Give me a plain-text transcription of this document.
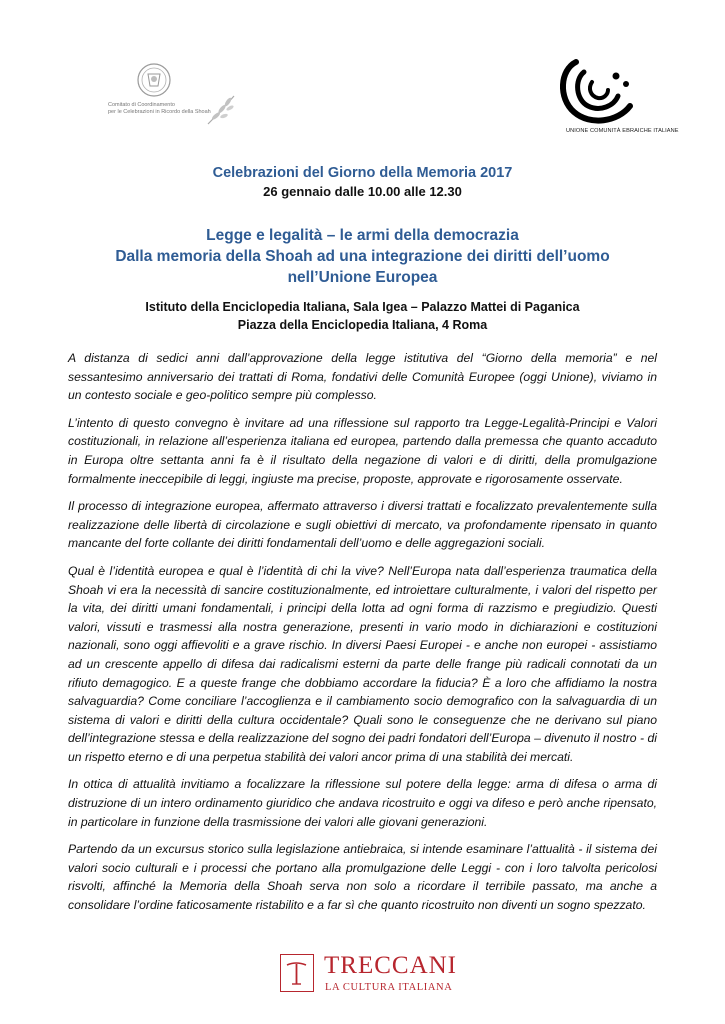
Comitato di Coordinamento
per le Celebrazioni in Ricordo della Shoah
UNIONE COMUNITÀ EBRAICHE ITALIANE
Celebrazioni del Giorno della Memoria 2017
26 gennaio dalle 10.00 alle 12.30
Legge e legalità – le armi della democrazia
Dalla memoria della Shoah ad una integrazione dei diritti dell’uomo
nell’Unione Europea
Istituto della Enciclopedia Italiana, Sala Igea – Palazzo Mattei di Paganica
Piazza della Enciclopedia Italiana, 4 Roma

A distanza di sedici anni dall’approvazione della legge istitutiva del “Giorno della memoria” e nel sessantesimo anniversario dei trattati di Roma, fondativi delle Comunità Europee (oggi Unione), viviamo in un contesto sociale e geo-politico sempre più complesso.

L’intento di questo convegno è invitare ad una riflessione sul rapporto tra Legge-Legalità-Principi e Valori costituzionali, in relazione all’esperienza italiana ed europea, partendo dalla premessa che quanto accaduto in Europa oltre settanta anni fa è il risultato della negazione di valori e di diritti, della promulgazione formalmente ineccepibile di leggi, ingiuste ma precise, proposte, approvate e rigorosamente osservate.

Il processo di integrazione europea, affermato attraverso i diversi trattati e focalizzato prevalentemente sulla realizzazione delle libertà di circolazione e sugli obiettivi di mercato, va profondamente ripensato in quanto mancante del forte collante dei diritti fondamentali dell’uomo e delle aggregazioni sociali.

Qual è l’identità europea e qual è l’identità di chi la vive? Nell’Europa nata dall’esperienza traumatica della Shoah vi era la necessità di sancire costituzionalmente, ed introiettare culturalmente, i valori del rispetto per la vita, dei diritti umani fondamentali, i principi della lotta ad ogni forma di razzismo e pregiudizio. Questi valori, vissuti e trasmessi alla nostra generazione, presenti in vario modo in dichiarazioni e costituzioni nazionali, sono oggi affievoliti e a grave rischio. In diversi Paesi Europei - e anche non europei - assistiamo ad un crescente appello di difesa dai radicalismi esterni da parte delle frange più radicali connotati da un rifiuto demagogico. E a queste frange che dobbiamo accordare la fiducia? È a loro che affidiamo la nostra salvaguardia? Come conciliare l’accoglienza e il cambiamento socio demografico con la salvaguardia di un sistema di valori e diritti della cultura occidentale? Quali sono le conseguenze che ne derivano sul piano dell’integrazione stessa e della realizzazione del sogno dei padri fondatori dell’Europa – divenuto il nostro - di un rispetto eterno e di una perpetua stabilità dei valori ancor prima di una stabilità dei mercati.

In ottica di attualità invitiamo a focalizzare la riflessione sul potere della legge: arma di difesa o arma di distruzione di un intero ordinamento giuridico che andava ricostruito e oggi va difeso e però anche ripensato, in particolare in funzione della trasmissione dei valori alle giovani generazioni.

Partendo da un excursus storico sulla legislazione antiebraica, si intende esaminare l’attualità - il sistema dei valori socio culturali e i processi che portano alla promulgazione delle Leggi - con i loro talvolta pericolosi risvolti, affinché la Memoria della Shoah serva non solo a ricordare il terribile passato, ma anche a consolidare l’ordine faticosamente ristabilito e a far sì che quanto ricostruito non diventi un sogno spezzato.

TRECCANI
LA CULTURA ITALIANA
